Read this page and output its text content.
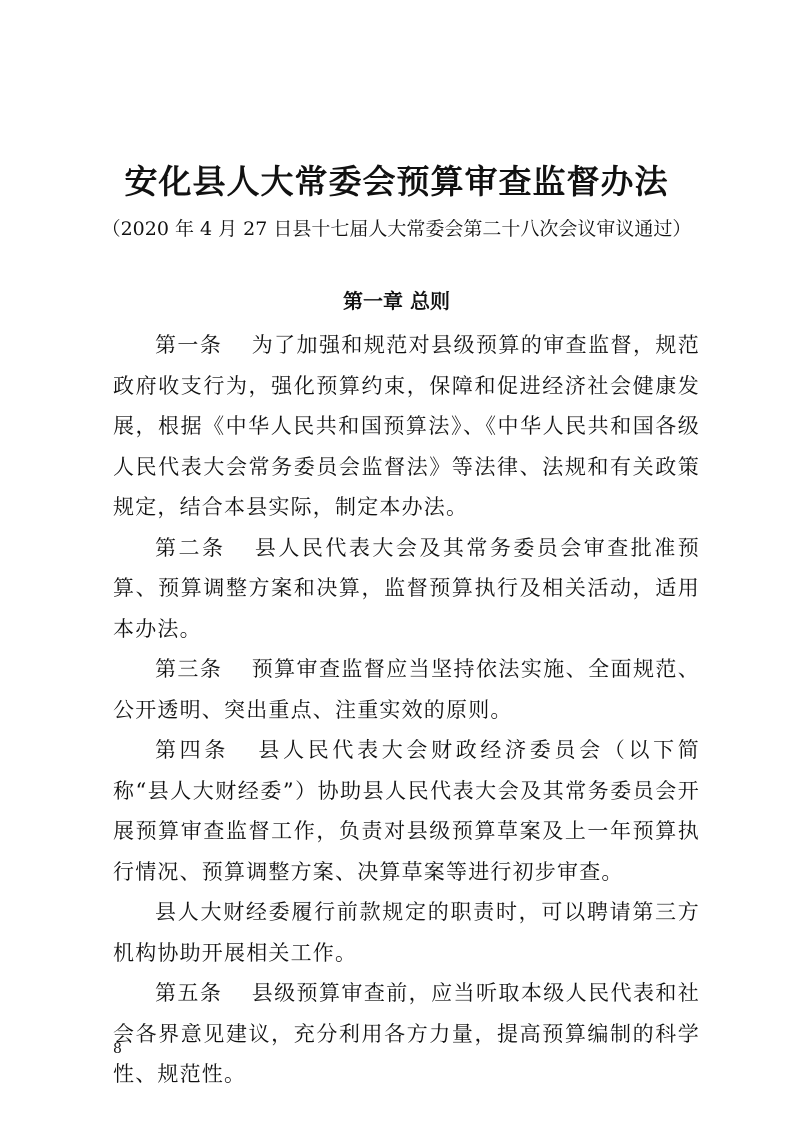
安化县人大常委会预算审查监督办法
（2020 年 4 月 27 日县十七届人大常委会第二十八次会议审议通过）
第一章 总则

第一条 为了加强和规范对县级预算的审查监督，规范政府收支行为，强化预算约束，保障和促进经济社会健康发展，根据《中华人民共和国预算法》、《中华人民共和国各级人民代表大会常务委员会监督法》等法律、法规和有关政策规定，结合本县实际，制定本办法。

第二条 县人民代表大会及其常务委员会审查批准预算、预算调整方案和决算，监督预算执行及相关活动，适用本办法。

第三条 预算审查监督应当坚持依法实施、全面规范、公开透明、突出重点、注重实效的原则。

第四条 县人民代表大会财政经济委员会（以下简称“县人大财经委”）协助县人民代表大会及其常务委员会开展预算审查监督工作，负责对县级预算草案及上一年预算执行情况、预算调整方案、决算草案等进行初步审查。

县人大财经委履行前款规定的职责时，可以聘请第三方机构协助开展相关工作。

第五条 县级预算审查前，应当听取本级人民代表和社会各界意见建议，充分利用各方力量，提高预算编制的科学性、规范性。

8
